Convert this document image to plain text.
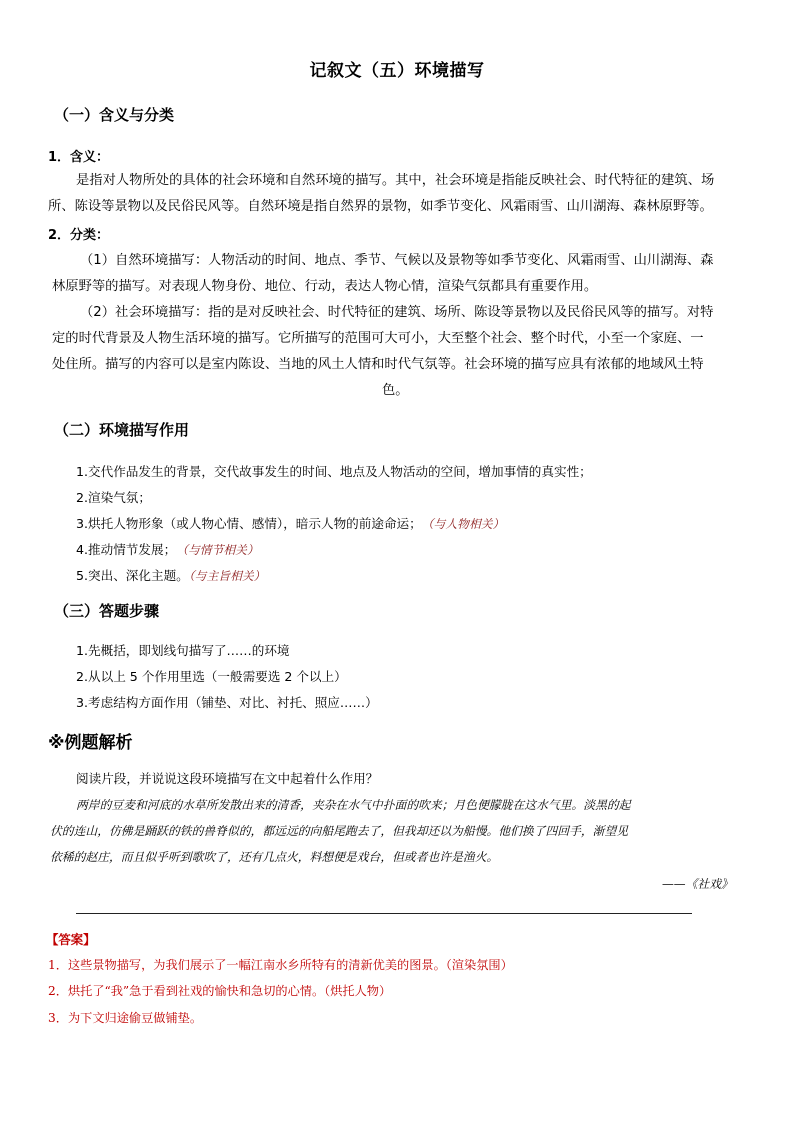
记叙文（五）环境描写
（一）含义与分类
1．含义：
是指对人物所处的具体的社会环境和自然环境的描写。其中，社会环境是指能反映社会、时代特征的建筑、场
所、陈设等景物以及民俗民风等。自然环境是指自然界的景物，如季节变化、风霜雨雪、山川湖海、森林原野等。
2．分类：
（1）自然环境描写：人物活动的时间、地点、季节、气候以及景物等如季节变化、风霜雨雪、山川湖海、森
林原野等的描写。对表现人物身份、地位、行动，表达人物心情，渲染气氛都具有重要作用。
（2）社会环境描写：指的是对反映社会、时代特征的建筑、场所、陈设等景物以及民俗民风等的描写。对特
定的时代背景及人物生活环境的描写。它所描写的范围可大可小，大至整个社会、整个时代，小至一个家庭、一
处住所。描写的内容可以是室内陈设、当地的风土人情和时代气氛等。社会环境的描写应具有浓郁的地域风土特
色。
（二）环境描写作用
1.交代作品发生的背景，交代故事发生的时间、地点及人物活动的空间，增加事情的真实性；
2.渲染气氛；
3.烘托人物形象（或人物心情、感情），暗示人物的前途命运；（与人物相关）
4.推动情节发展；（与情节相关）
5.突出、深化主题。（与主旨相关）
（三）答题步骤
1.先概括，即划线句描写了……的环境
2.从以上 5 个作用里选（一般需要选 2 个以上）
3.考虑结构方面作用（铺垫、对比、衬托、照应……）
※例题解析
阅读片段，并说说这段环境描写在文中起着什么作用？
两岸的豆麦和河底的水草所发散出来的清香，夹杂在水气中扑面的吹来；月色便朦胧在这水气里。淡黑的起
伏的连山，仿佛是踊跃的铁的兽脊似的，都远远的向船尾跑去了，但我却还以为船慢。他们换了四回手，渐望见
依稀的赵庄，而且似乎听到歌吹了，还有几点火，料想便是戏台，但或者也许是渔火。
——《社戏》
【答案】
1．这些景物描写，为我们展示了一幅江南水乡所特有的清新优美的图景。（渲染氛围）
2．烘托了“我”急于看到社戏的愉快和急切的心情。（烘托人物）
3．为下文归途偷豆做铺垫。
